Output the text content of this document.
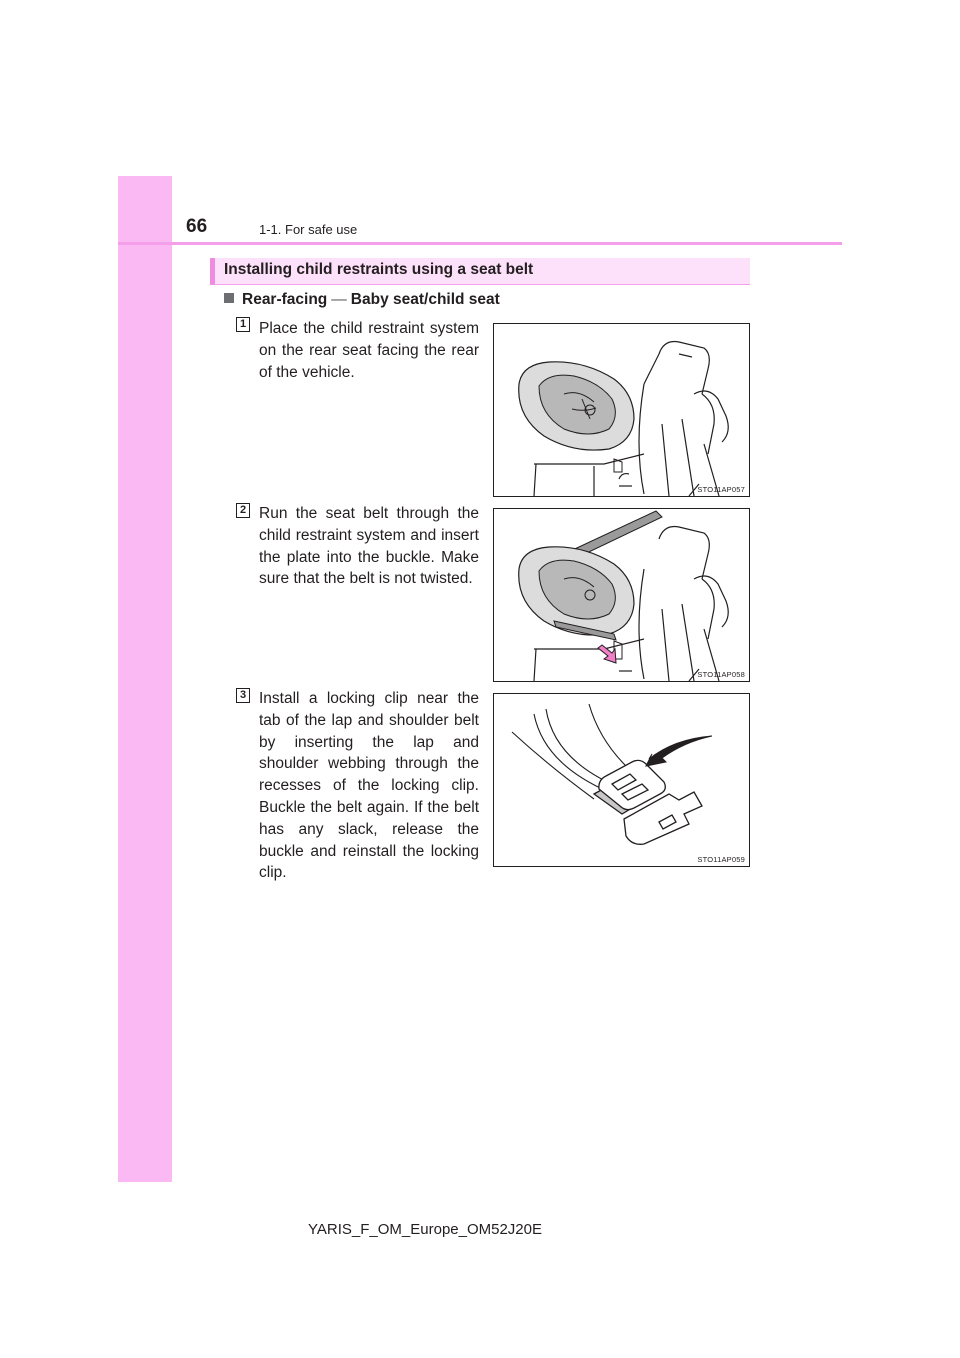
66	1-1. For safe use
Installing child restraints using a seat belt
Rear-facing — Baby seat/child seat
1 Place the child restraint system on the rear seat facing the rear of the vehicle.
STO11AP057
2 Run the seat belt through the child restraint system and insert the plate into the buckle. Make sure that the belt is not twisted.
STO11AP058
3 Install a locking clip near the tab of the lap and shoulder belt by inserting the lap and shoulder webbing through the recesses of the locking clip. Buckle the belt again. If the belt has any slack, release the buckle and reinstall the locking clip.
STO11AP059
YARIS_F_OM_Europe_OM52J20E
